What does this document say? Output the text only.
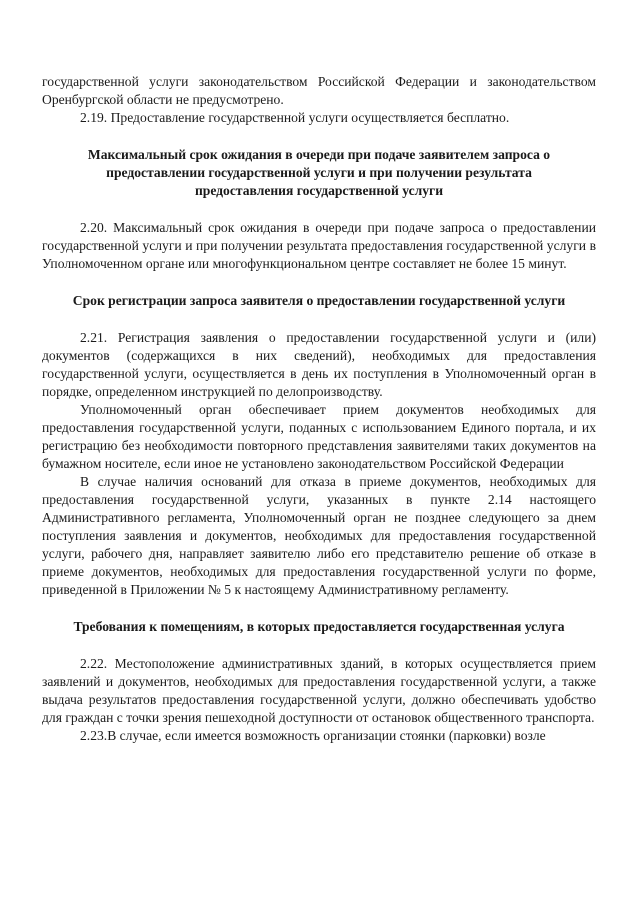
государственной услуги законодательством Российской Федерации и законодательством Оренбургской области не предусмотрено.

2.19. Предоставление государственной услуги осуществляется бесплатно.

Максимальный срок ожидания в очереди при подаче заявителем запроса о предоставлении государственной услуги и при получении результата предоставления государственной услуги

2.20. Максимальный срок ожидания в очереди при подаче запроса о предоставлении государственной услуги и при получении результата предоставления государственной услуги в Уполномоченном органе или многофункциональном центре составляет не более 15 минут.

Срок регистрации запроса заявителя о предоставлении государственной услуги

2.21. Регистрация заявления о предоставлении государственной услуги и (или) документов (содержащихся в них сведений), необходимых для предоставления государственной услуги, осуществляется в день их поступления в Уполномоченный орган в порядке, определенном инструкцией по делопроизводству.

Уполномоченный орган обеспечивает прием документов необходимых для предоставления государственной услуги, поданных с использованием Единого портала, и их регистрацию без необходимости повторного представления заявителями таких документов на бумажном носителе, если иное не установлено законодательством Российской Федерации

В случае наличия оснований для отказа в приеме документов, необходимых для предоставления государственной услуги, указанных в пункте 2.14 настоящего Административного регламента, Уполномоченный орган не позднее следующего за днем поступления заявления и документов, необходимых для предоставления государственной услуги, рабочего дня, направляет заявителю либо его представителю решение об отказе в приеме документов, необходимых для предоставления государственной услуги по форме, приведенной в Приложении № 5 к настоящему Административному регламенту.

Требования к помещениям, в которых предоставляется государственная услуга

2.22. Местоположение административных зданий, в которых осуществляется прием заявлений и документов, необходимых для предоставления государственной услуги, а также выдача результатов предоставления государственной услуги, должно обеспечивать удобство для граждан с точки зрения пешеходной доступности от остановок общественного транспорта.

2.23.В случае, если имеется возможность организации стоянки (парковки) возле
